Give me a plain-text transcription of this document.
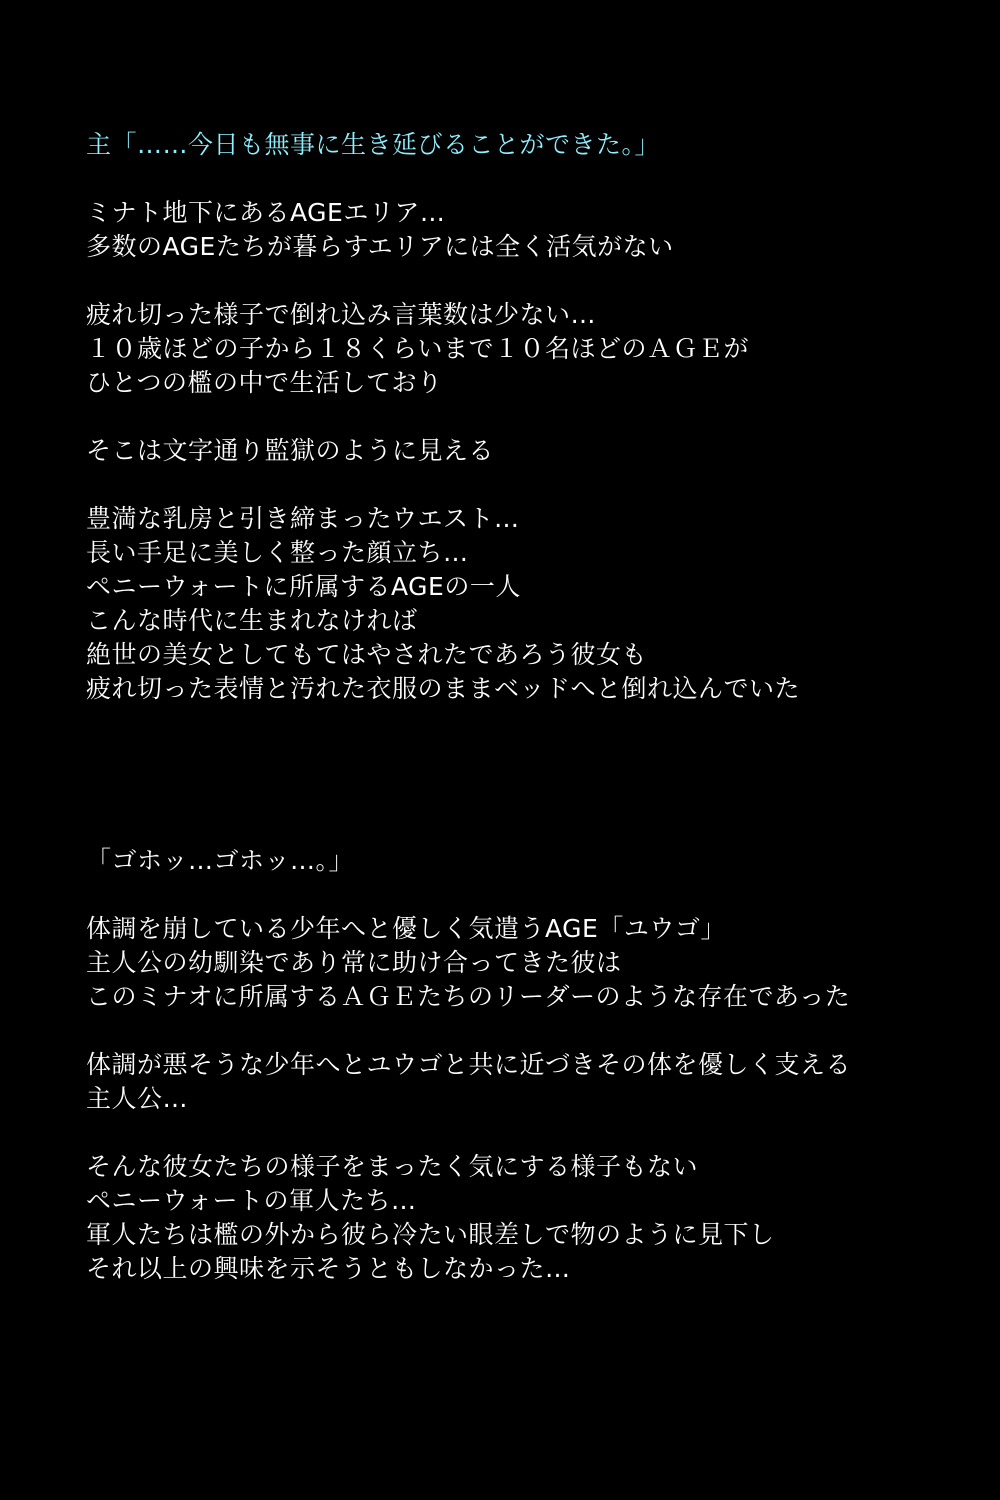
主「……今日も無事に生き延びることができた。」
ミナト地下にあるAGEエリア…
多数のAGEたちが暮らすエリアには全く活気がない
疲れ切った様子で倒れ込み言葉数は少ない…
１０歳ほどの子から１８くらいまで１０名ほどのＡＧＥが
ひとつの檻の中で生活しており
そこは文字通り監獄のように見える
豊満な乳房と引き締まったウエスト…
長い手足に美しく整った顔立ち…
ペニーウォートに所属するAGEの一人
こんな時代に生まれなければ
絶世の美女としてもてはやされたであろう彼女も
疲れ切った表情と汚れた衣服のままベッドへと倒れ込んでいた
「ゴホッ…ゴホッ…。」
体調を崩している少年へと優しく気遣うAGE「ユウゴ」
主人公の幼馴染であり常に助け合ってきた彼は
このミナオに所属するＡＧＥたちのリーダーのような存在であった
体調が悪そうな少年へとユウゴと共に近づきその体を優しく支える
主人公…
そんな彼女たちの様子をまったく気にする様子もない
ペニーウォートの軍人たち…
軍人たちは檻の外から彼ら冷たい眼差しで物のように見下し
それ以上の興味を示そうともしなかった…
